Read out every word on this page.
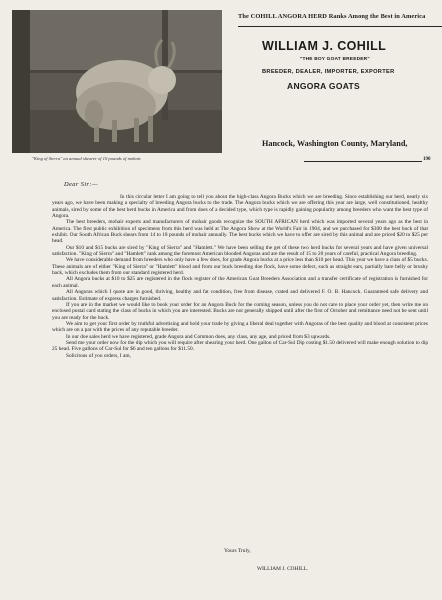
"King of Sierra" an annual shearer of 10 pounds of mohair.
The COHILL ANGORA HERD Ranks Among the Best in America
WILLIAM J. COHILL
"THE BOY GOAT BREEDER"
BREEDER, DEALER, IMPORTER, EXPORTER
ANGORA GOATS
Hancock, Washington County, Maryland,
190
Dear Sir:—

In this circular letter I am going to tell you about the high-class Angora Bucks which we are breeding. Since establishing our herd, nearly six years ago, we have been making a specialty of breeding Angora bucks to the trade. The Angora bucks which we are offering this year are large, well constitutioned, healthy animals, sired by some of the best herd bucks in America and from does of a decided type, which type is rapidly gaining popularity among breeders who want the best type of Angora.

The best breeders, mohair experts and manufacturers of mohair goods recognize the SOUTH AFRICAN herd which was imported several years ago as the best in America. The first public exhibition of specimens from this herd was held at The Angora Show at the World's Fair in 1904, and we purchased for $300 the best buck of that exhibit. Our South African Buck shears from 14 to 18 pounds of mohair annually. The best bucks which we have to offer are sired by this animal and are priced $20 to $25 per head.

Our $10 and $15 bucks are sired by "King of Sierra" and "Hamlett." We have been selling the get of these two herd bucks for several years and have given universal satisfaction. "King of Sierra" and "Hamlett" rank among the foremost American blooded Angoras and are the result of 15 to 20 years of careful, practical Angora breeding.

We have considerable demand from breeders who only have a few does, for grade Angora bucks at a price less than $10 per head. This year we have a class of $5 bucks. These animals are of either "King of Sierra" or "Hamlett" blood and from our buck breeding doe flock, have some defect, such as straight ears, partially bare belly or brushy back, which excludes them from our standard registered herd.

All Angora bucks at $10 to $25 are registered in the flock register of the American Goat Breeders Association and a transfer certificate of registration is furnished for each animal.

All Angoras which I quote are in good, thriving, healthy and fat condition, free from disease, crated and delivered F. O. B. Hancock. Guaranteed safe delivery and satisfaction. Estimate of express charges furnished.

If you are in the market we would like to book your order for an Angora Buck for the coming season, unless you do not care to place your order yet, then write me on enclosed postal card stating the class of bucks in which you are interested. Bucks are not generally shipped until after the first of October and remittance need not be sent until you are ready for the buck.

We aim to get your first order by truthful advertising and hold your trade by giving a liberal deal together with Angoras of the best quality and blood at consistent prices which are on a par with the prices of any reputable breeder.

In our doe sales herd we have registered, grade Angora and Common does, any class, any age, and priced from $3 upwards.

Send me your order now for the dip which you will require after shearing your herd. One gallon of Car-Sul Dip costing $1.50 delivered will make enough solution to dip 25 head. Five gallons of Car-Sul for $6 and ten gallons for $11.50.

Solicitous of you orders, I am,

Yours Truly,
WILLIAM J. COHILL.
